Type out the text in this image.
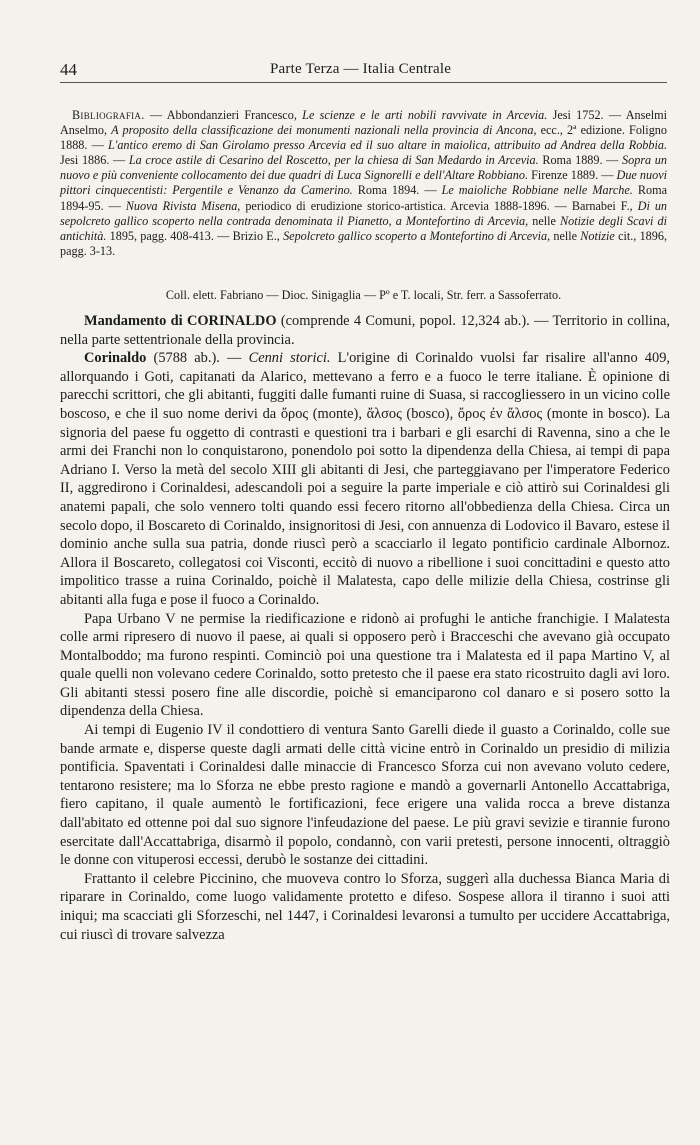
44	Parte Terza — Italia Centrale
Bibliografia. — Abbondanzieri Francesco, Le scienze e le arti nobili ravvivate in Arcevia. Jesi 1752. — Anselmi Anselmo, A proposito della classificazione dei monumenti nazionali nella provincia di Ancona, ecc., 2ª edizione. Foligno 1888. — L'antico eremo di San Girolamo presso Arcevia ed il suo altare in maiolica, attribuito ad Andrea della Robbia. Jesi 1886. — La croce astile di Cesarino del Roscetto, per la chiesa di San Medardo in Arcevia. Roma 1889. — Sopra un nuovo e più conveniente collocamento dei due quadri di Luca Signorelli e dell'Altare Robbiano. Firenze 1889. — Due nuovi pittori cinquecentisti: Pergentile e Venanzo da Camerino. Roma 1894. — Le maioliche Robbiane nelle Marche. Roma 1894-95. — Nuova Rivista Misena, periodico di erudizione storico-artistica. Arcevia 1888-1896. — Barnabei F., Di un sepolcreto gallico scoperto nella contrada denominata il Pianetto, a Montefortino di Arcevia, nelle Notizie degli Scavi di antichità. 1895, pagg. 408-413. — Brizio E., Sepolcreto gallico scoperto a Montefortino di Arcevia, nelle Notizie cit., 1896, pagg. 3-13.
Coll. elett. Fabriano — Dioc. Sinigaglia — Pº e T. locali, Str. ferr. a Sassoferrato.

Mandamento di CORINALDO (comprende 4 Comuni, popol. 12,324 ab.). — Territorio in collina, nella parte settentrionale della provincia.

Corinaldo (5788 ab.). — Cenni storici. L'origine di Corinaldo vuolsi far risalire all'anno 409, allorquando i Goti, capitanati da Alarico, mettevano a ferro e a fuoco le terre italiane. È opinione di parecchi scrittori, che gli abitanti, fuggiti dalle fumanti ruine di Suasa, si raccogliessero in un vicino colle boscoso, e che il suo nome derivi da ὄρος (monte), ἄλσος (bosco), ὄρος ἐν ἄλσος (monte in bosco). La signoria del paese fu oggetto di contrasti e questioni tra i barbari e gli esarchi di Ravenna, sino a che le armi dei Franchi non lo conquistarono, ponendolo poi sotto la dipendenza della Chiesa, ai tempi di papa Adriano I. Verso la metà del secolo XIII gli abitanti di Jesi, che parteggiavano per l'imperatore Federico II, aggredirono i Corinaldesi, adescandoli poi a seguire la parte imperiale e ciò attirò sui Corinaldesi gli anatemi papali, che solo vennero tolti quando essi fecero ritorno all'obbedienza della Chiesa. Circa un secolo dopo, il Boscareto di Corinaldo, insignoritosi di Jesi, con annuenza di Lodovico il Bavaro, estese il dominio anche sulla sua patria, donde riuscì però a scacciarlo il legato pontificio cardinale Albornoz. Allora il Boscareto, collegatosi coi Visconti, eccitò di nuovo a ribellione i suoi concittadini e questo atto impolitico trasse a ruina Corinaldo, poichè il Malatesta, capo delle milizie della Chiesa, costrinse gli abitanti alla fuga e pose il fuoco a Corinaldo.

Papa Urbano V ne permise la riedificazione e ridonò ai profughi le antiche franchigie. I Malatesta colle armi ripresero di nuovo il paese, ai quali si opposero però i Bracceschi che avevano già occupato Montalboddo; ma furono respinti. Cominciò poi una questione tra i Malatesta ed il papa Martino V, al quale quelli non volevano cedere Corinaldo, sotto pretesto che il paese era stato ricostruito dagli avi loro. Gli abitanti stessi posero fine alle discordie, poichè si emanciparono col danaro e si posero sotto la dipendenza della Chiesa.

Ai tempi di Eugenio IV il condottiero di ventura Santo Garelli diede il guasto a Corinaldo, colle sue bande armate e, disperse queste dagli armati delle città vicine entrò in Corinaldo un presidio di milizia pontificia. Spaventati i Corinaldesi dalle minaccie di Francesco Sforza cui non avevano voluto cedere, tentarono resistere; ma lo Sforza ne ebbe presto ragione e mandò a governarli Antonello Accattabriga, fiero capitano, il quale aumentò le fortificazioni, fece erigere una valida rocca a breve distanza dall'abitato ed ottenne poi dal suo signore l'infeudazione del paese. Le più gravi sevizie e tirannie furono esercitate dall'Accattabriga, disarmò il popolo, condannò, con varii pretesti, persone innocenti, oltraggiò le donne con vituperosi eccessi, derubò le sostanze dei cittadini.

Frattanto il celebre Piccinino, che muoveva contro lo Sforza, suggerì alla duchessa Bianca Maria di riparare in Corinaldo, come luogo validamente protetto e difeso. Sospese allora il tiranno i suoi atti iniqui; ma scacciati gli Sforzeschi, nel 1447, i Corinaldesi levaronsi a tumulto per uccidere Accattabriga, cui riuscì di trovare salvezza
